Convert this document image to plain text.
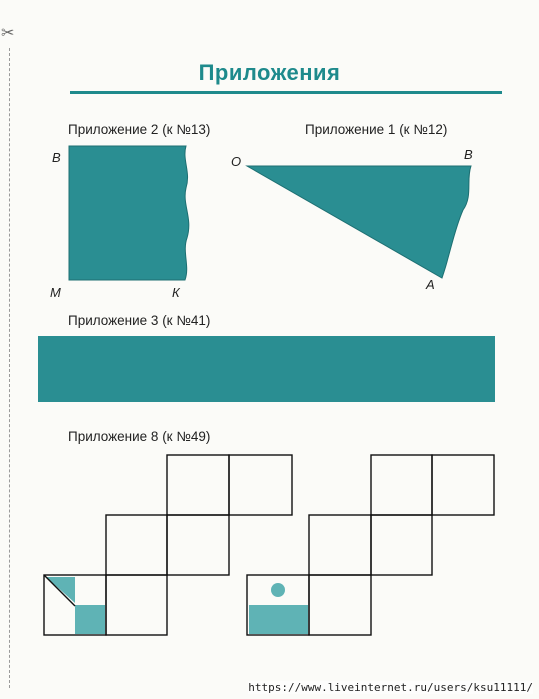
✂
Приложения
Приложение 2 (к №13)	Приложение 1 (к №12)
Приложение 3 (к №41)
Приложение 8 (к №49)
В
М	К
О	В
А
https://www.liveinternet.ru/users/ksu11111/
